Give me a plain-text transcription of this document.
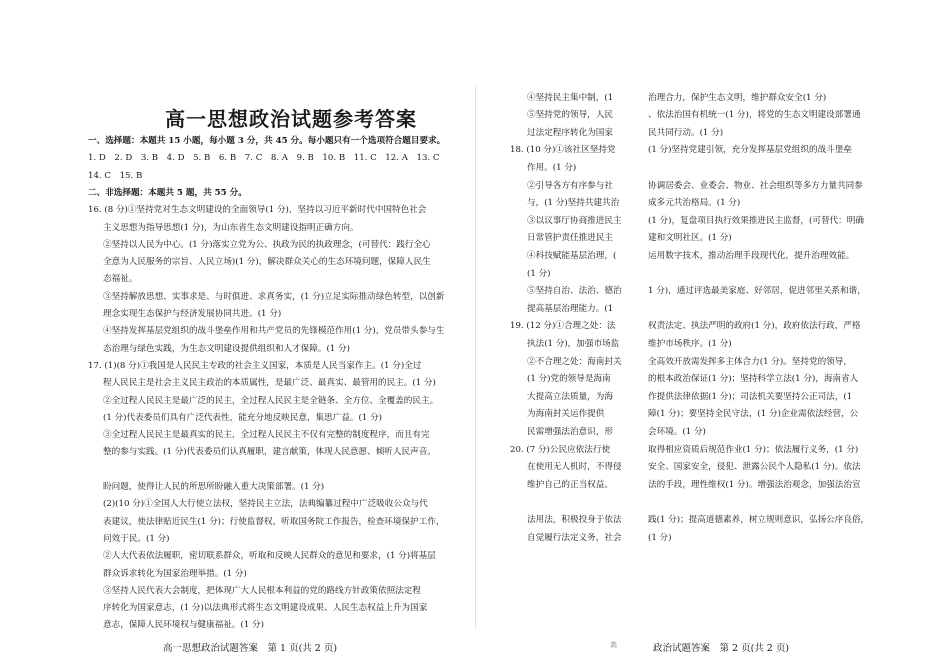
高一思想政治试题参考答案
一、选择题：本题共 15 小题，每小题 3 分，共 45 分。每小题只有一个选项符合题目要求。
1. D　2. D　3. B　4. D　5. B　6. B　7. C　8. A　9. B　10. B　11. C　12. A　13. C
14. C　15. B
二、非选择题：本题共 5 题，共 55 分。
16. (8 分)①坚持党对生态文明建设的全面领导(1 分)，坚持以习近平新时代中国特色社会
主义思想为指导思想(1 分)，为山东省生态文明建设指明正确方向。
②坚持以人民为中心。(1 分)落实立党为公、执政为民的执政理念，(可替代：践行全心
全意为人民服务的宗旨、人民立场)(1 分)，解决群众关心的生态环境问题，保障人民生
态福祉。
③坚持解放思想、实事求是、与时俱进、求真务实，(1 分)立足实际推动绿色转型，以创新
理念实现生态保护与经济发展协同共进。(1 分)
④坚持发挥基层党组织的战斗堡垒作用和共产党员的先锋模范作用(1 分)，党员带头参与生
态治理与绿色实践，为生态文明建设提供组织和人才保障。(1 分)
17. (1)(8 分)①我国是人民民主专政的社会主义国家，本质是人民当家作主。(1 分)全过
程人民民主是社会主义民主政治的本质属性，是最广泛、最真实、最管用的民主。(1 分)
②全过程人民民主是最广泛的民主，全过程人民民主是全链条、全方位、全覆盖的民主。
(1 分)代表委员们具有广泛代表性，能充分地反映民意，集思广益。(1 分)
③全过程人民民主是最真实的民主，全过程人民民主不仅有完整的制度程序，而且有完
整的参与实践。(1 分)代表委员们认真履职，建言献策，体现人民意愿、倾听人民声音。
盼问题，使得让人民的所思所盼融入重大决策部署。(1 分)
(2)(10 分)①全国人大行使立法权，坚持民主立法，法典编纂过程中广泛吸收公众与代
表建议，使法律贴近民生(1 分)；行使监督权，听取国务院工作报告，检查环境保护工作，
问效于民。(1 分)
②人大代表依法履职，密切联系群众，听取和反映人民群众的意见和要求，(1 分)将基层
群众诉求转化为国家治理举措。(1 分)
③坚持人民代表大会制度，把体现广大人民根本利益的党的路线方针政策依照法定程
序转化为国家意志，(1 分)以法典形式将生态文明建设成果、人民生态权益上升为国家
意志，保障人民环境权与健康福祉。(1 分)
高一思想政治试题答案　第 1 页(共 2 页)
④坚持民主集中制，(1
⑤坚持党的领导，人民
过法定程序转化为国家
18. (10 分)①该社区坚持党
作用。(1 分)
②引导各方有序参与社
与，(1 分)坚持共建共治
③以议事厅协商推进民主
日常管护责任推进民主
④科技赋能基层治理，(
(1 分)
⑤坚持自治、法治、德治
提高基层治理能力。(1
19. (12 分)①合理之处：法
执法(1 分)，加强市场监
②不合理之处：海南封关
(1 分)党的领导是海南
大提高立法质量，为海
为海南封关运作提供
民需增强法治意识，形
20. (7 分)公民应依法行使
在使用无人机时，不得侵
维护自己的正当权益。
法用法，积极投身于依法
自觉履行法定义务，社会
治理合力，保护生态文明，维护群众安全(1 分)
、依法治国有机统一(1 分)，将党的生态文明建设部署通
民共同行动。(1 分)
(1 分)坚持党建引领，充分发挥基层党组织的战斗堡垒
协调居委会、业委会、物业、社会组织等多方力量共同参
成多元共治格局。(1 分)
(1 分)，复盘项目执行效果推进民主监督，(可替代：明确
建和文明社区。(1 分)
运用数字技术，推动治理手段现代化，提升治理效能。
1 分)，通过评选最美家庭、好邻居，促进邻里关系和谐，
权责法定、执法严明的政府(1 分)，政府依法行政，严格
维护市场秩序。(1 分)
全高效开放需发挥多主体合力(1 分)。坚持党的领导，
的根本政治保证(1 分)；坚持科学立法(1 分)，海南省人
作提供法律依据(1 分)；司法机关要坚持公正司法，(1
障(1 分)；要坚持全民守法，(1 分)企业需依法经营，公
会环境。(1 分)
取得相应资质后规范作业(1 分)；依法履行义务，(1 分)
安全、国家安全，侵犯、泄露公民个人隐私(1 分)。依法
法的手段，理性维权(1 分)。增强法治观念，加强法治宣
践(1 分)；提高道德素养，树立规则意识，弘扬公序良俗，
(1 分)
高	政治试题答案　第 2 页(共 2 页)
